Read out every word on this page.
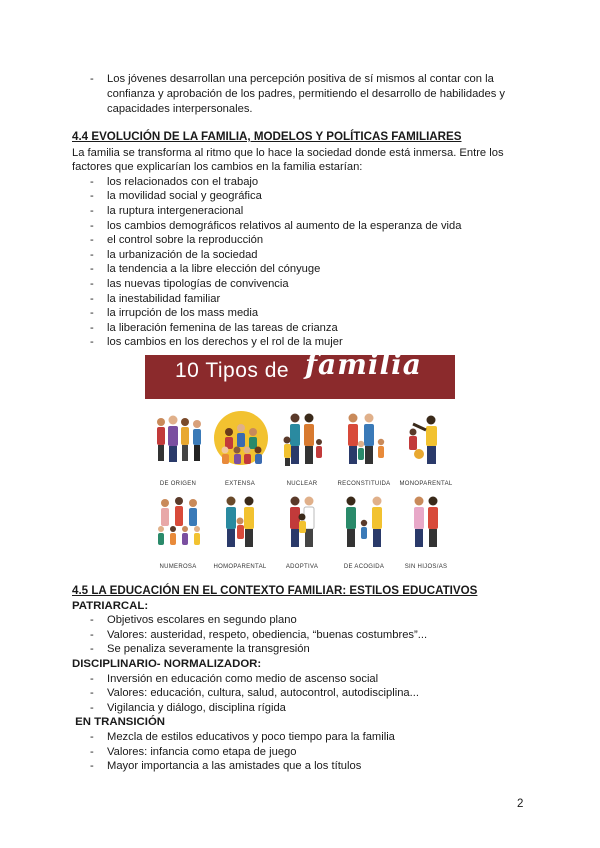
- Los jóvenes desarrollan una percepción positiva de sí mismos al contar con la confianza y aprobación de los padres, permitiendo el desarrollo de habilidades y capacidades interpersonales.
4.4 EVOLUCIÓN DE LA FAMILIA, MODELOS Y POLÍTICAS FAMILIARES
La familia se transforma al ritmo que lo hace la sociedad donde está inmersa. Entre los factores que explicarían los cambios en la familia estarían:
- los relacionados con el trabajo
- la movilidad social y geográfica
- la ruptura intergeneracional
- los cambios demográficos relativos al aumento de la esperanza de vida
- el control sobre la reproducción
- la urbanización de la sociedad
- la tendencia a la libre elección del cónyuge
- las nuevas tipologías de convivencia
- la inestabilidad familiar
- la irrupción de los mass media
- la liberación femenina de las tareas de crianza
- los cambios en los derechos y el rol de la mujer
10 Tipos de familia
DE ORIGEN	EXTENSA	NUCLEAR	RECONSTITUIDA	MONOPARENTAL
NUMEROSA	HOMOPARENTAL	ADOPTIVA	DE ACOGIDA	SIN HIJOS/AS
4.5 LA EDUCACIÓN EN EL CONTEXTO FAMILIAR: ESTILOS EDUCATIVOS
PATRIARCAL:
- Objetivos escolares en segundo plano
- Valores: austeridad, respeto, obediencia, “buenas costumbres”...
- Se penaliza severamente la transgresión
DISCIPLINARIO- NORMALIZADOR:
- Inversión en educación como medio de ascenso social
- Valores: educación, cultura, salud, autocontrol, autodisciplina...
- Vigilancia y diálogo, disciplina rígida
EN TRANSICIÓN
- Mezcla de estilos educativos y poco tiempo para la familia
- Valores: infancia como etapa de juego
- Mayor importancia a las amistades que a los títulos
2
